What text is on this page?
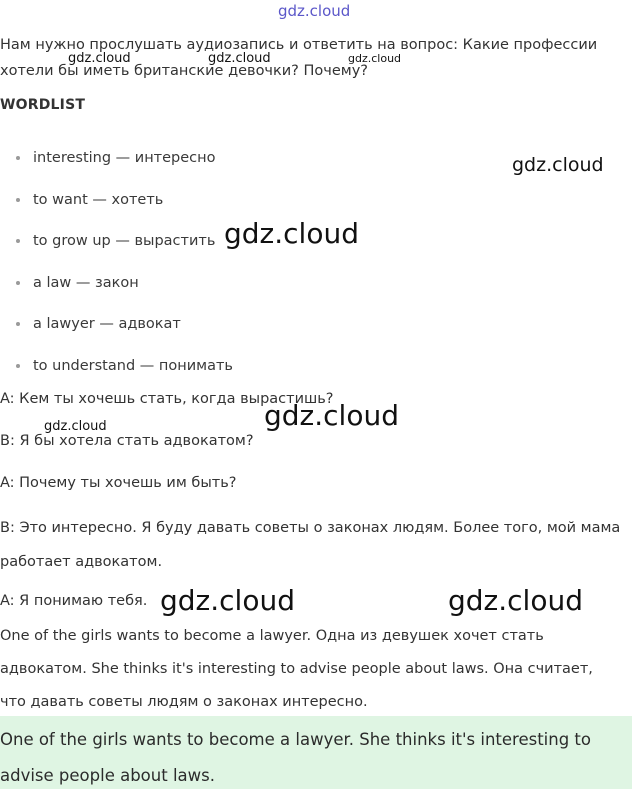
gdz.cloud
Нам нужно прослушать аудиозапись и ответить на вопрос: Какие профессии хотели бы иметь британские девочки? Почему?
WORDLIST
interesting — интересно
to want — хотеть
to grow up — вырастить
a law — закон
a lawyer — адвокат
to understand — понимать
A: Кем ты хочешь стать, когда вырастишь?
B: Я бы хотела стать адвокатом?
A: Почему ты хочешь им быть?
B: Это интересно. Я буду давать советы о законах людям. Более того, мой мама работает адвокатом.
A: Я понимаю тебя.
One of the girls wants to become a lawyer. Одна из девушек хочет стать адвокатом. She thinks it's interesting to advise people about laws. Она считает, что давать советы людям о законах интересно.
One of the girls wants to become a lawyer. She thinks it's interesting to advise people about laws.
gdz.cloud	gdz.cloud	gdz.cloud
gdz.cloud
gdz.cloud
gdz.cloud
gdz.cloud
gdz.cloud	gdz.cloud
